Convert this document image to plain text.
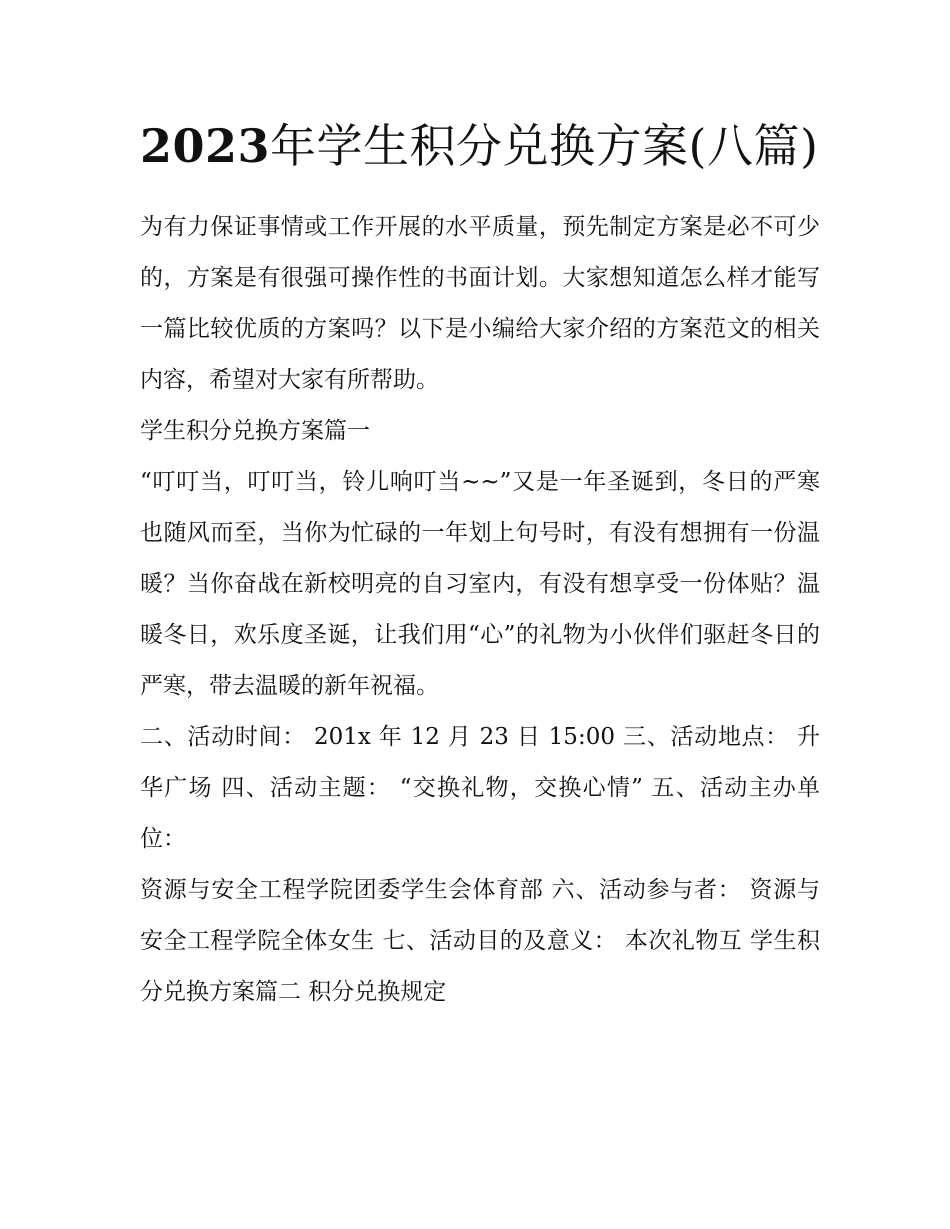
2023年学生积分兑换方案(八篇)

为有力保证事情或工作开展的水平质量，预先制定方案是必不可少的，方案是有很强可操作性的书面计划。大家想知道怎么样才能写一篇比较优质的方案吗？以下是小编给大家介绍的方案范文的相关内容，希望对大家有所帮助。

学生积分兑换方案篇一

“叮叮当，叮叮当，铃儿响叮当~~”又是一年圣诞到，冬日的严寒也随风而至，当你为忙碌的一年划上句号时，有没有想拥有一份温暖？当你奋战在新校明亮的自习室内，有没有想享受一份体贴？温暖冬日，欢乐度圣诞，让我们用“心”的礼物为小伙伴们驱赶冬日的严寒，带去温暖的新年祝福。

二、活动时间： 201x 年 12 月 23 日 15:00 三、活动地点： 升华广场 四、活动主题： “交换礼物，交换心情” 五、活动主办单位：

资源与安全工程学院团委学生会体育部 六、活动参与者： 资源与安全工程学院全体女生 七、活动目的及意义： 本次礼物互 学生积分兑换方案篇二 积分兑换规定
